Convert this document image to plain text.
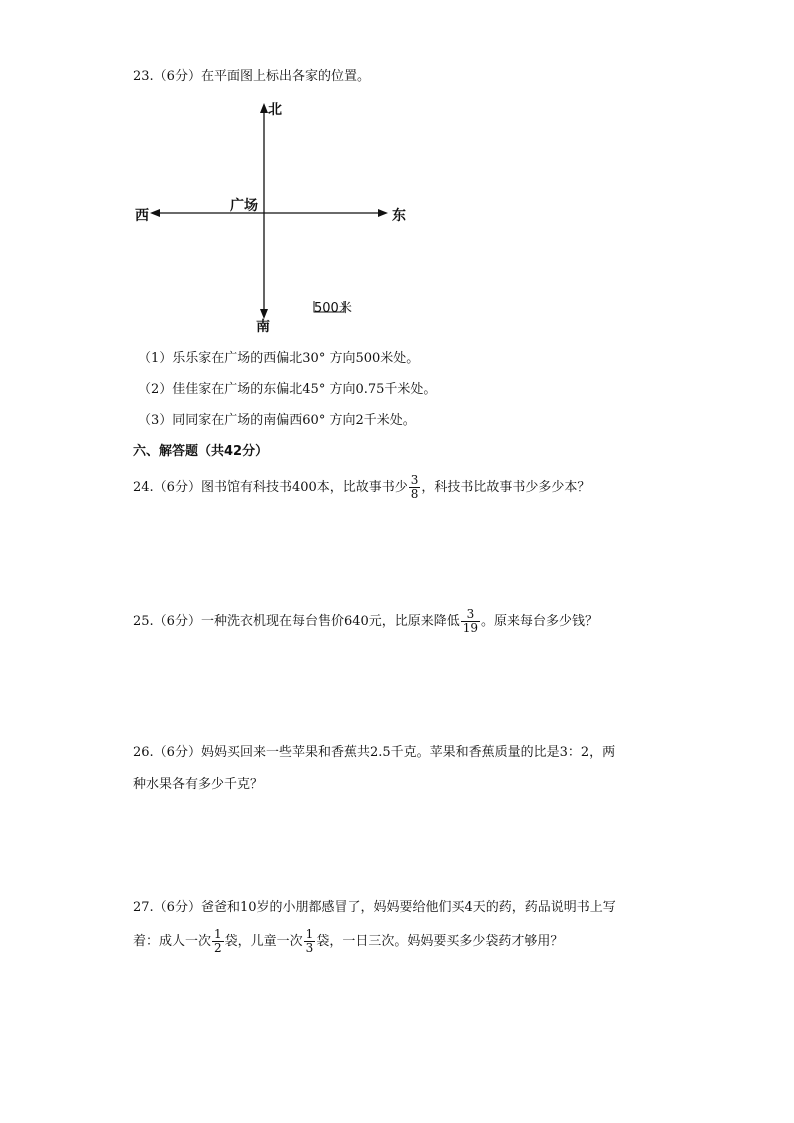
23.（6分）在平面图上标出各家的位置。
北
南
东
西
广场
500米
（1）乐乐家在广场的西偏北30° 方向500米处。
（2）佳佳家在广场的东偏北45° 方向0.75千米处。
（3）同同家在广场的南偏西60° 方向2千米处。
六、解答题（共42分）
24.（6分）图书馆有科技书400本，比故事书少 $\frac{3}{8}$ ，科技书比故事书少多少本？
25.（6分）一种洗衣机现在每台售价640元，比原来降低 $\frac{3}{19}$ 。原来每台多少钱？
26.（6分）妈妈买回来一些苹果和香蕉共2.5千克。苹果和香蕉质量的比是3：2，两
种水果各有多少千克？
27.（6分）爸爸和10岁的小朋都感冒了，妈妈要给他们买4天的药，药品说明书上写
着：成人一次 $\frac{1}{2}$ 袋，儿童一次 $\frac{1}{3}$ 袋，一日三次。妈妈要买多少袋药才够用？
